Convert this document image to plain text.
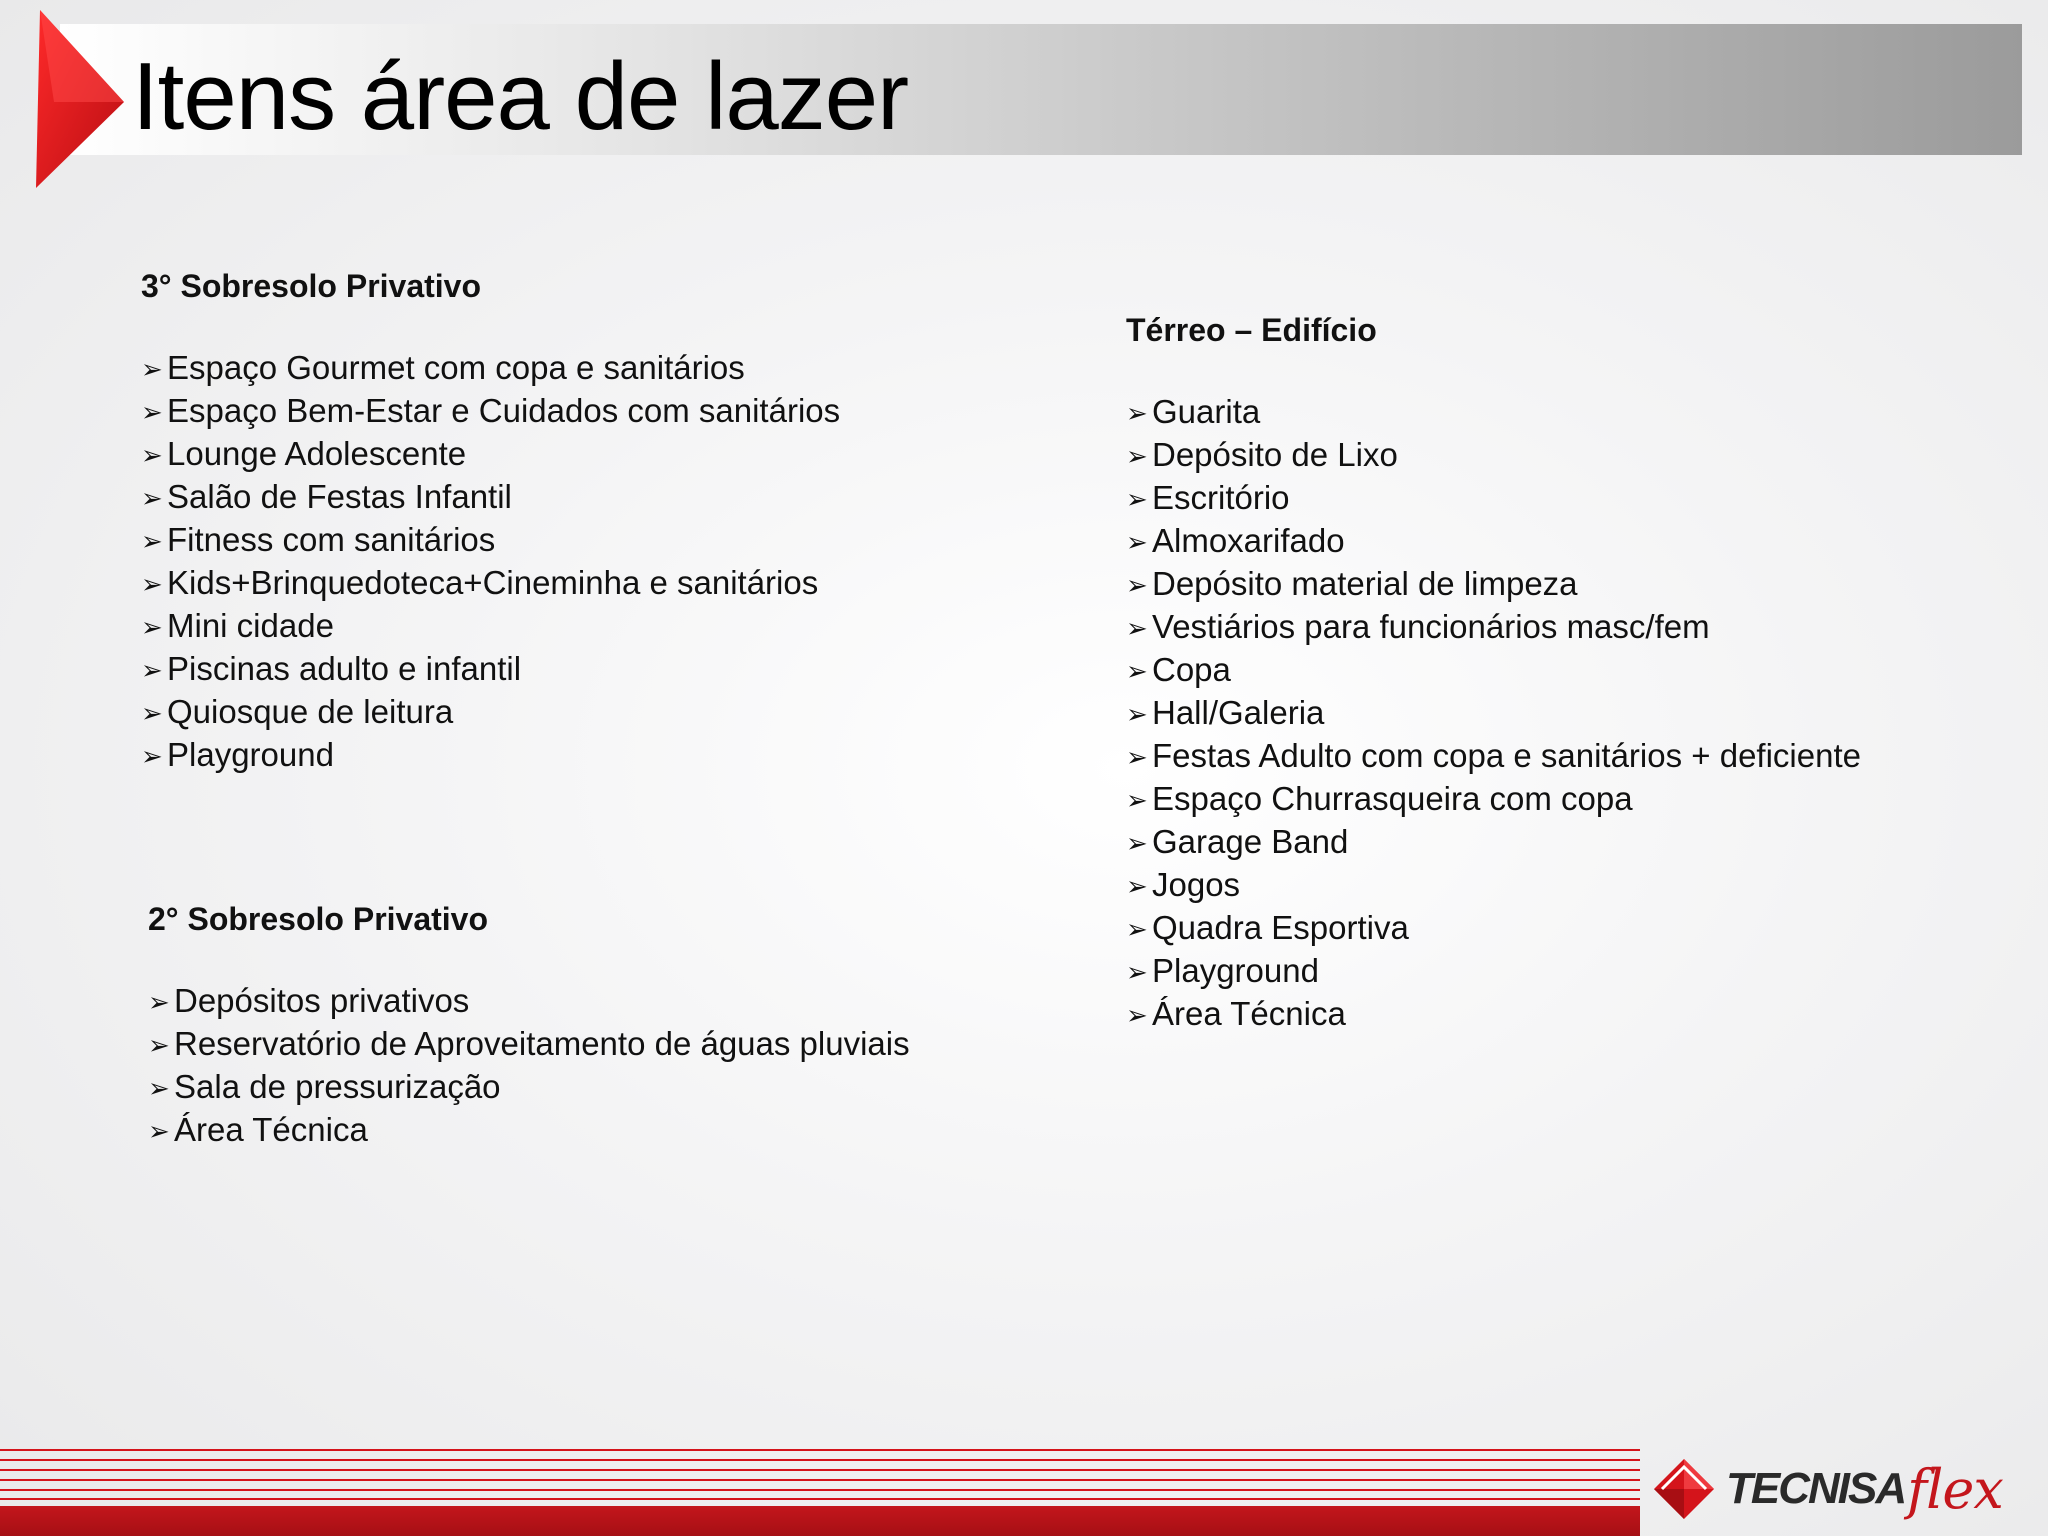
Itens área de lazer
3° Sobresolo Privativo
➢ Espaço Gourmet com copa e sanitários
➢ Espaço Bem-Estar e Cuidados com sanitários
➢ Lounge Adolescente
➢ Salão de Festas Infantil
➢ Fitness com sanitários
➢ Kids+Brinquedoteca+Cineminha e sanitários
➢ Mini cidade
➢ Piscinas adulto e infantil
➢ Quiosque de leitura
➢ Playground
Térreo – Edifício
➢ Guarita
➢ Depósito de Lixo
➢ Escritório
➢ Almoxarifado
➢ Depósito material de limpeza
➢ Vestiários para funcionários masc/fem
➢ Copa
➢ Hall/Galeria
➢ Festas Adulto com copa e sanitários + deficiente
➢ Espaço Churrasqueira com copa
➢ Garage Band
➢ Jogos
➢ Quadra Esportiva
➢ Playground
➢ Área Técnica
2° Sobresolo Privativo
➢ Depósitos privativos
➢ Reservatório de Aproveitamento de águas pluviais
➢ Sala de pressurização
➢ Área Técnica
TECNISA flex
